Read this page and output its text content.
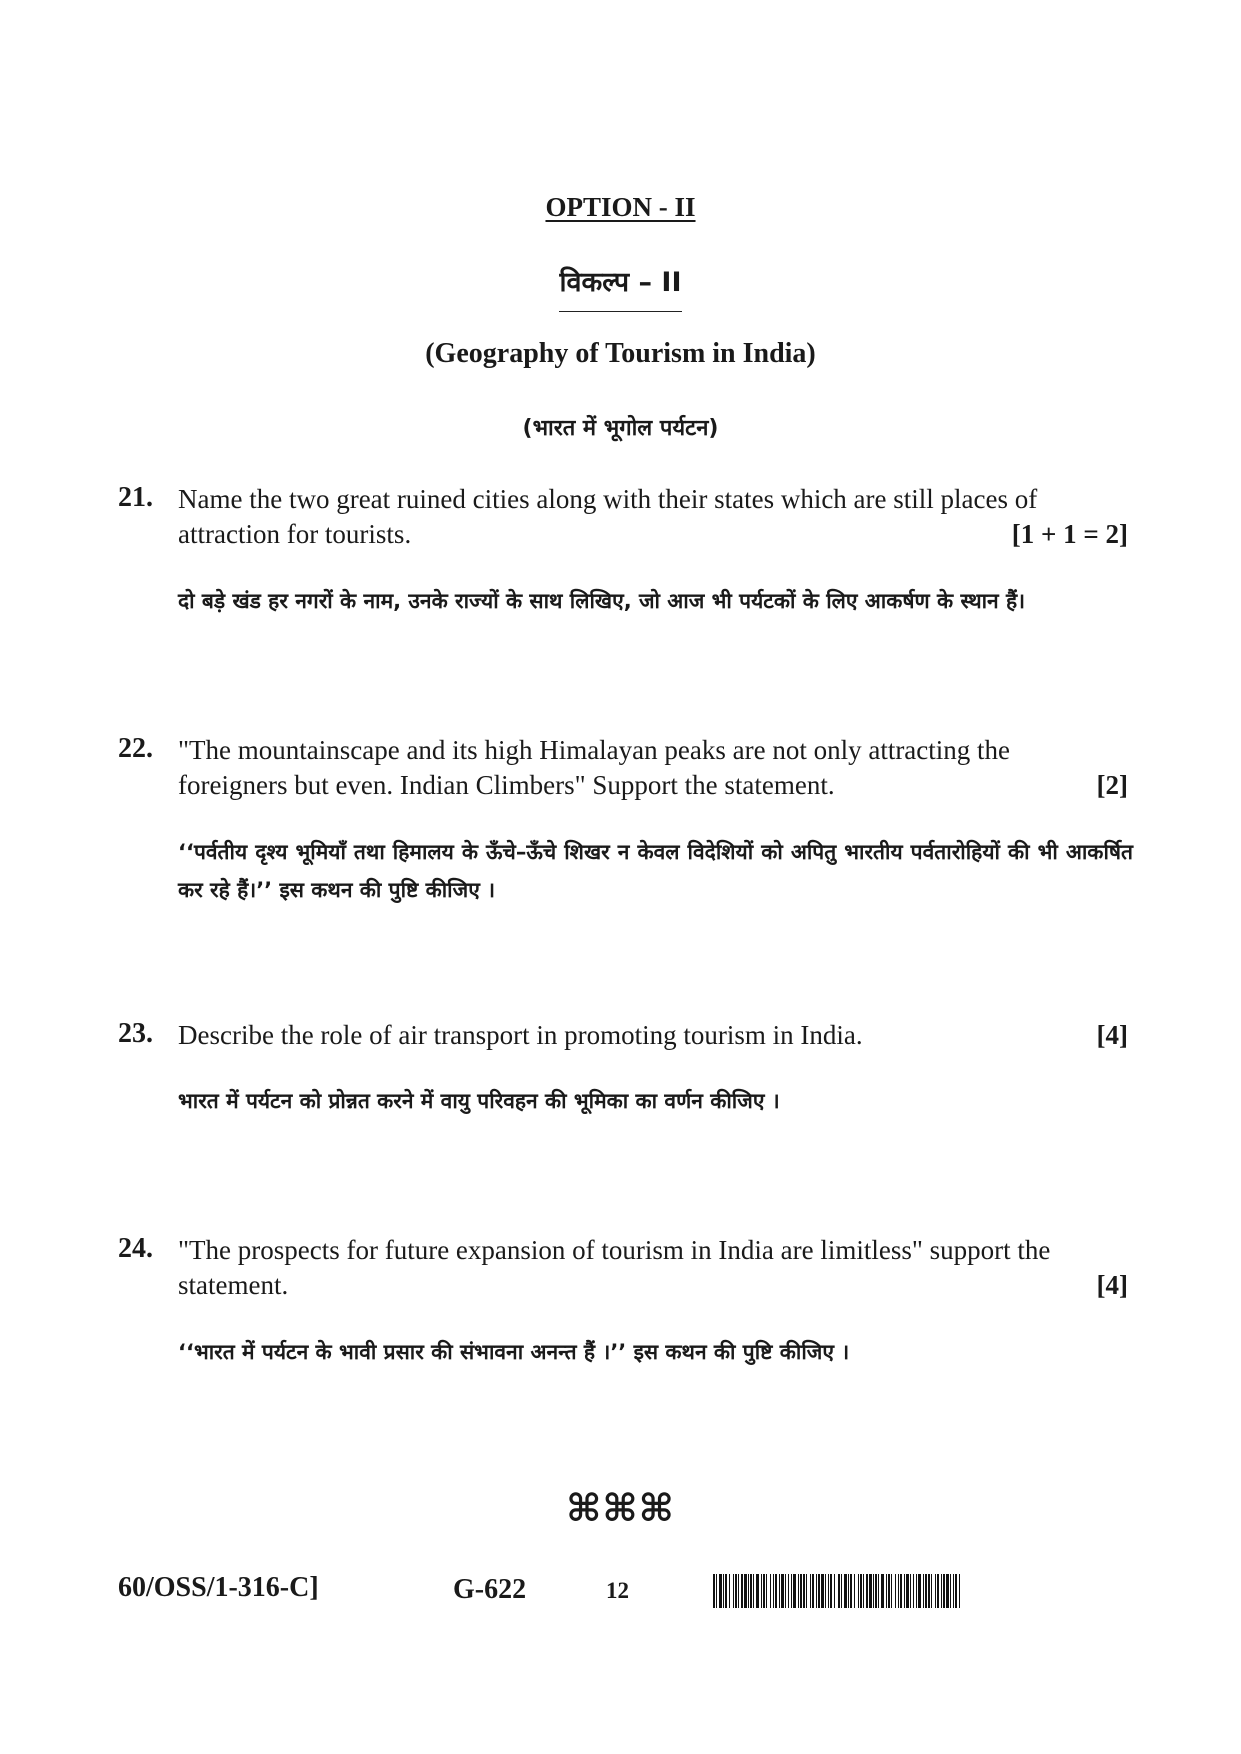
OPTION - II
विकल्प – II
(Geography of Tourism in India)
(भारत में भूगोल पर्यटन)
21. Name the two great ruined cities along with their states which are still places of
attraction for tourists.	[1 + 1 = 2]
दो बड़े खंड हर नगरों के नाम, उनके राज्यों के साथ लिखिए, जो आज भी पर्यटकों के लिए आकर्षण के स्थान हैं।
22. "The mountainscape and its high Himalayan peaks are not only attracting the
foreigners but even. Indian Climbers" Support the statement.	[2]
‘‘पर्वतीय दृश्य भूमियाँ तथा हिमालय के ऊँचे–ऊँचे शिखर न केवल विदेशियों को अपितु भारतीय पर्वतारोहियों की भी आकर्षित कर रहे हैं।’’ इस कथन की पुष्टि कीजिए ।
23. Describe the role of air transport in promoting tourism in India.	[4]
भारत में पर्यटन को प्रोन्नत करने में वायु परिवहन की भूमिका का वर्णन कीजिए ।
24. "The prospects for future expansion of tourism in India are limitless" support the
statement.	[4]
‘‘भारत में पर्यटन के भावी प्रसार की संभावना अनन्त हैं ।’’ इस कथन की पुष्टि कीजिए ।
⌘⌘⌘
60/OSS/1-316-C]	G-622	12
